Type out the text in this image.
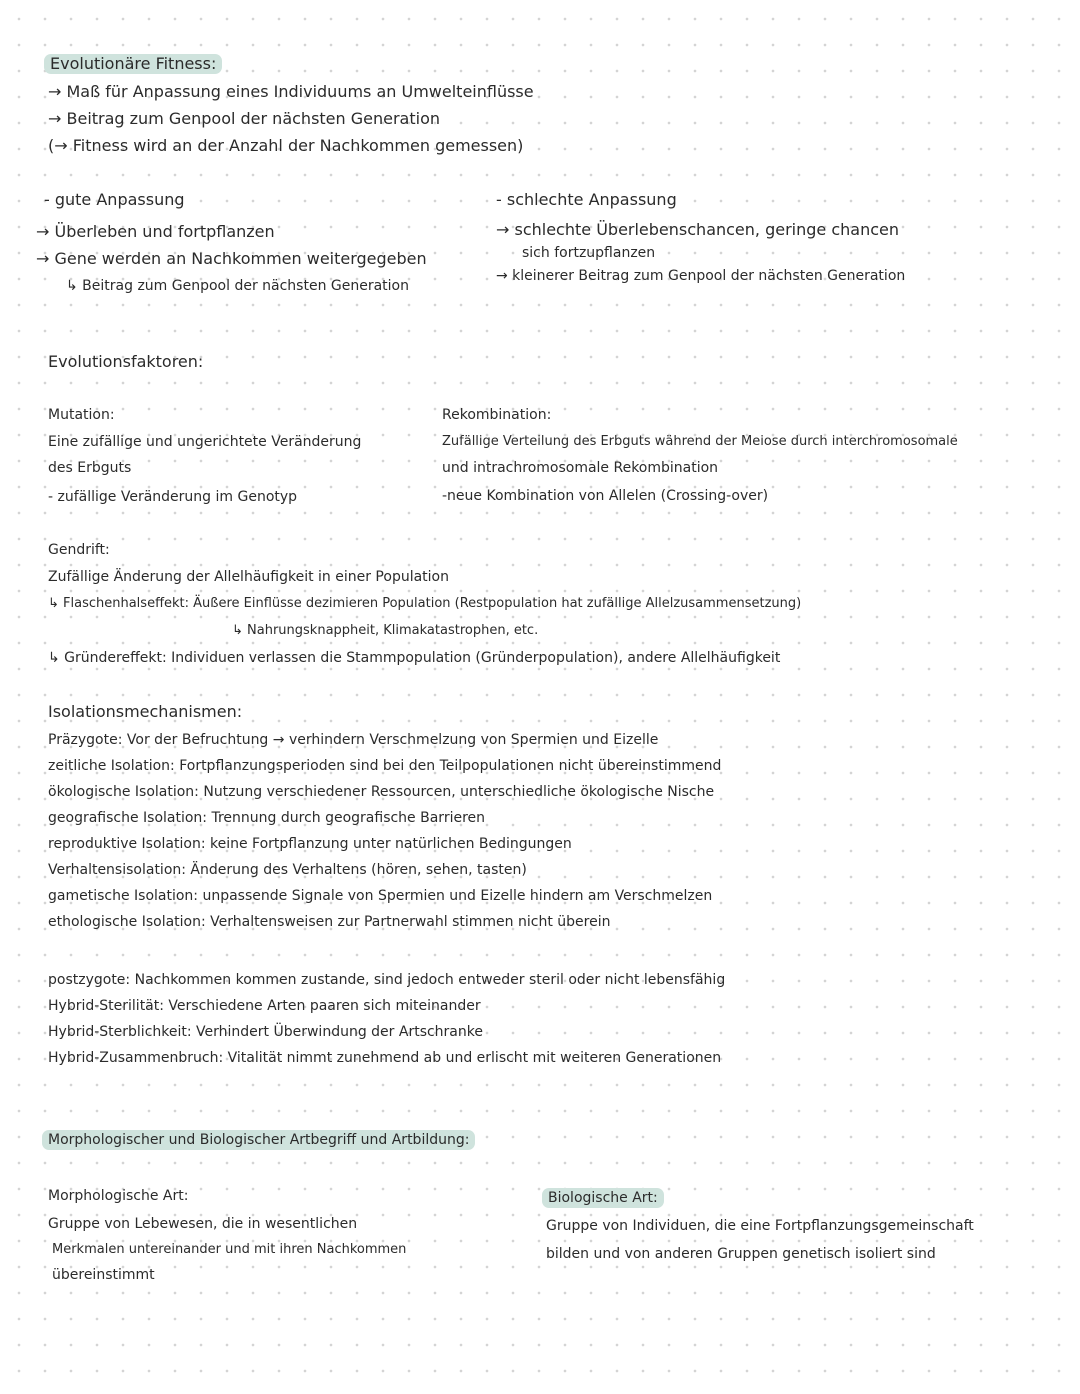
Evolutionäre Fitness:
→ Maß für Anpassung eines Individuums an Umwelteinflüsse
→ Beitrag zum Genpool der nächsten Generation
(→ Fitness wird an der Anzahl der Nachkommen gemessen)
- gute Anpassung
→ Überleben und fortpflanzen
→ Gene werden an Nachkommen weitergegeben
↳ Beitrag zum Genpool der nächsten Generation
- schlechte Anpassung
→ schlechte Überlebenschancen, geringe chancen
sich fortzupflanzen
→ kleinerer Beitrag zum Genpool der nächsten Generation
Evolutionsfaktoren:
Mutation:
Eine zufällige und ungerichtete Veränderung
des Erbguts
- zufällige Veränderung im Genotyp
Rekombination:
Zufällige Verteilung des Erbguts während der Meiose durch interchromosomale
und intrachromosomale Rekombination
-neue Kombination von Allelen (Crossing-over)
Gendrift:
Zufällige Änderung der Allelhäufigkeit in einer Population
↳ Flaschenhalseffekt: Äußere Einflüsse dezimieren Population (Restpopulation hat zufällige Allelzusammensetzung)
↳ Nahrungsknappheit, Klimakatastrophen, etc.
↳ Gründereffekt: Individuen verlassen die Stammpopulation (Gründerpopulation), andere Allelhäufigkeit
Isolationsmechanismen:
Präzygote: Vor der Befruchtung → verhindern Verschmelzung von Spermien und Eizelle
zeitliche Isolation: Fortpflanzungsperioden sind bei den Teilpopulationen nicht übereinstimmend
ökologische Isolation: Nutzung verschiedener Ressourcen, unterschiedliche ökologische Nische
geografische Isolation: Trennung durch geografische Barrieren
reproduktive Isolation: keine Fortpflanzung unter natürlichen Bedingungen
Verhaltensisolation: Änderung des Verhaltens (hören, sehen, tasten)
gametische Isolation: unpassende Signale von Spermien und Eizelle hindern am Verschmelzen
ethologische Isolation: Verhaltensweisen zur Partnerwahl stimmen nicht überein
postzygote: Nachkommen kommen zustande, sind jedoch entweder steril oder nicht lebensfähig
Hybrid-Sterilität: Verschiedene Arten paaren sich miteinander
Hybrid-Sterblichkeit: Verhindert Überwindung der Artschranke
Hybrid-Zusammenbruch: Vitalität nimmt zunehmend ab und erlischt mit weiteren Generationen
Morphologischer und Biologischer Artbegriff und Artbildung:
Morphologische Art:
Gruppe von Lebewesen, die in wesentlichen
Merkmalen untereinander und mit ihren Nachkommen
übereinstimmt
Biologische Art:
Gruppe von Individuen, die eine Fortpflanzungsgemeinschaft
bilden und von anderen Gruppen genetisch isoliert sind
